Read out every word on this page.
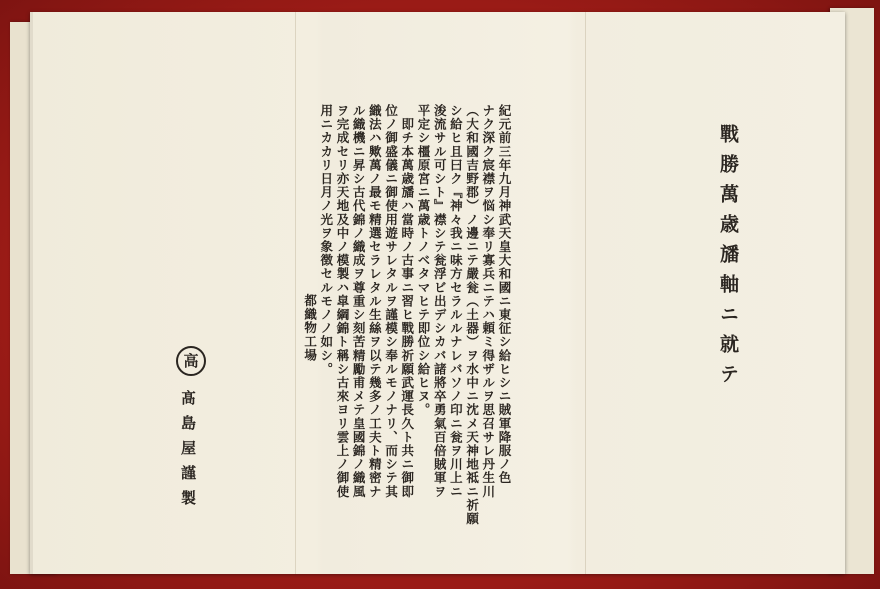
戰勝萬歳旙軸ニ就テ
紀元前三年九月神武天皇大和國ニ東征シ給ヒシニ賊軍降服ノ色
ナク深ク宸襟ヲ悩シ奉リ寡兵ニテハ頼ミ得ザルヲ思召サレ丹生川
（大和國吉野郡）ノ邊ニテ嚴瓮（土器）ヲ水中ニ沈メ天神地祗ニ祈願
シ給ヒ且曰ク『神々我ニ味方セラルルナレバソノ印ニ瓮ヲ川上ニ
浚流サル可シト』襟シテ瓮浮ビ出デシカバ諸將卒勇氣百倍賊軍ヲ
平定シ橿原宮ニ萬歳トノベタマヒテ即位シ給ヒヌ。
　即チ本萬歳旙ハ當時ノ古事ニ習ヒ戰勝祈願武運長久ト共ニ御即
位ノ御盛儀ニ御使用遊サレタルヲ謹模シ奉ルモノナリ、而シテ其
織法ハ歟萬ノ最モ精選セラレタル生絲ヲ以テ幾多ノ工夫ト精密ナ
ル織機ニ昇シ古代錦ノ織成ヲ尊重シ刻苦精勵甫メテ皇國錦ノ織風
ヲ完成セリ亦天地及中ノ模製ハ皐綱錦ト稱シ古來ヨリ雲上ノ御使
用ニカカリ日月ノ光ヲ象徴セルモノノ如シ。
都織物工場
高
髙島屋謹製
